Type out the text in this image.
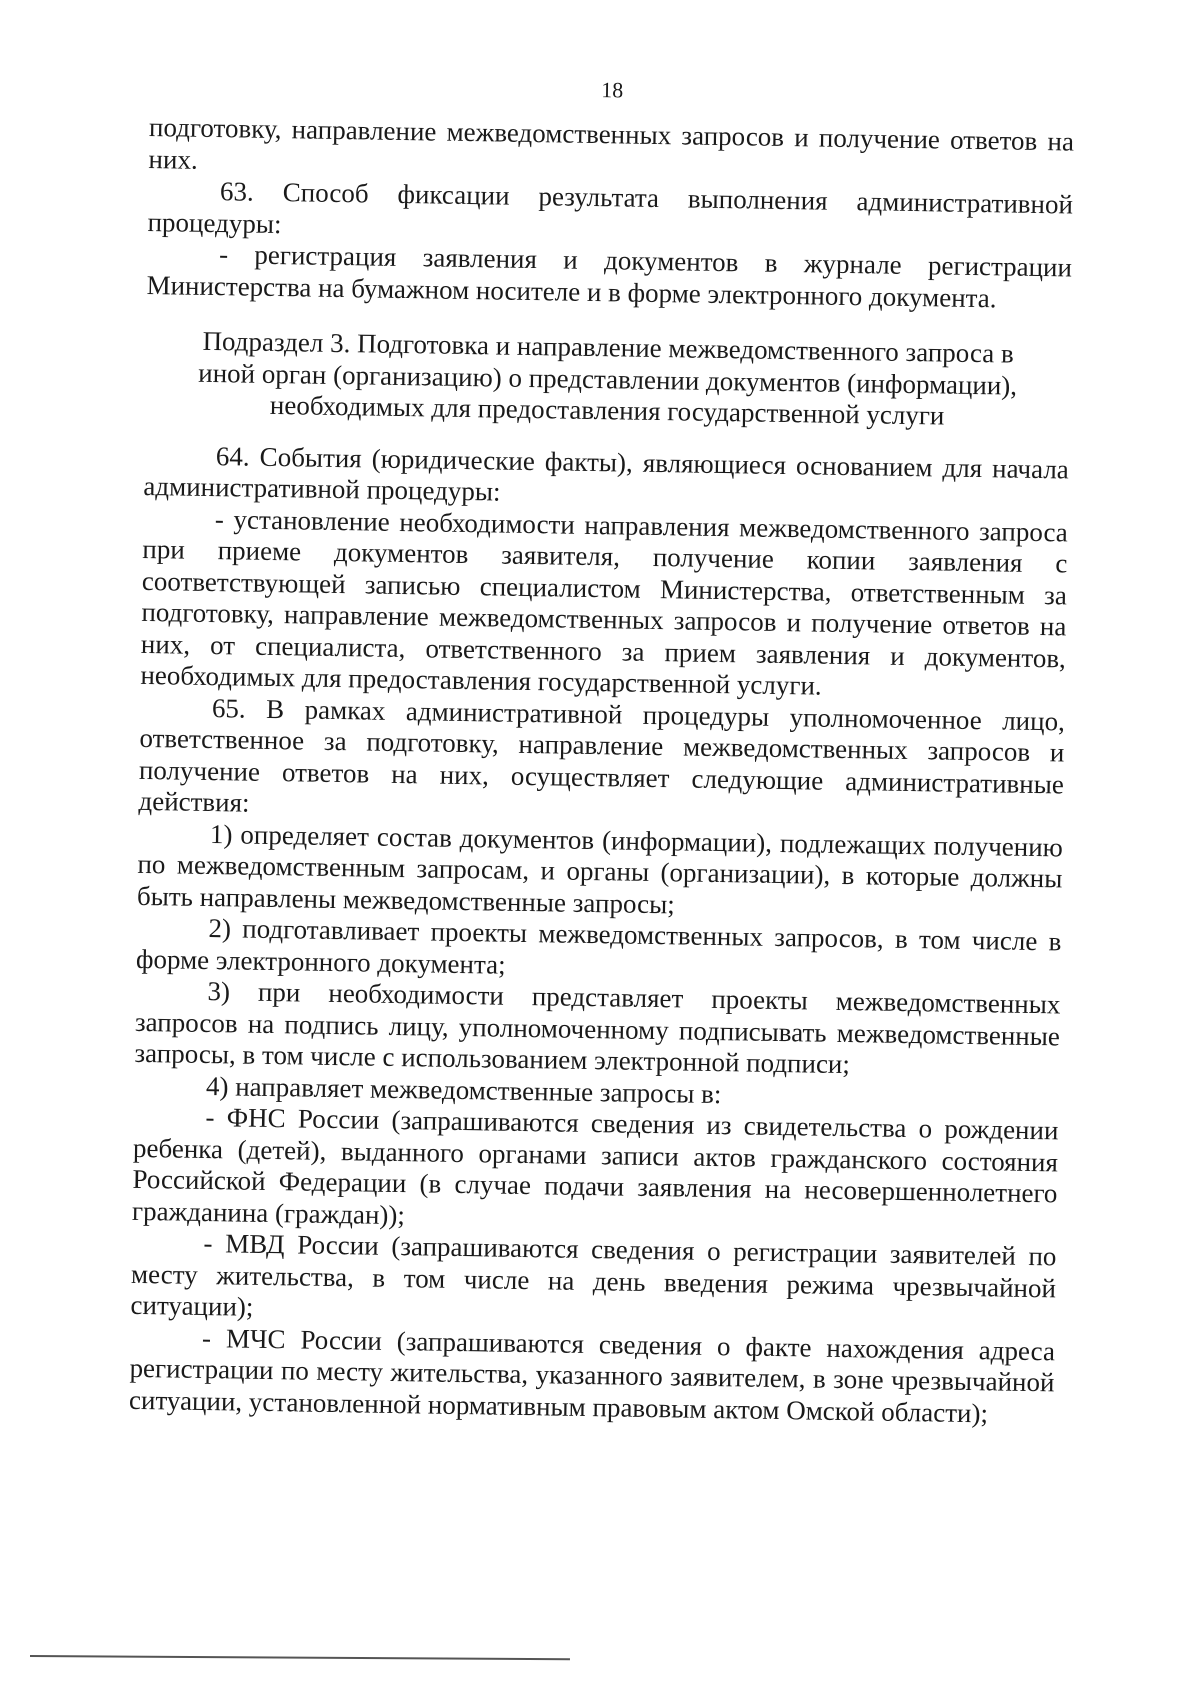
18

подготовку, направление межведомственных запросов и получение ответов на них.

63. Способ фиксации результата выполнения административной процедуры:

- регистрация заявления и документов в журнале регистрации Министерства на бумажном носителе и в форме электронного документа.

Подраздел 3. Подготовка и направление межведомственного запроса в иной орган (организацию) о представлении документов (информации), необходимых для предоставления государственной услуги

64. События (юридические факты), являющиеся основанием для начала административной процедуры:

- установление необходимости направления межведомственного запроса при приеме документов заявителя, получение копии заявления с соответствующей записью специалистом Министерства, ответственным за подготовку, направление межведомственных запросов и получение ответов на них, от специалиста, ответственного за прием заявления и документов, необходимых для предоставления государственной услуги.

65. В рамках административной процедуры уполномоченное лицо, ответственное за подготовку, направление межведомственных запросов и получение ответов на них, осуществляет следующие административные действия:

1) определяет состав документов (информации), подлежащих получению по межведомственным запросам, и органы (организации), в которые должны быть направлены межведомственные запросы;

2) подготавливает проекты межведомственных запросов, в том числе в форме электронного документа;

3) при необходимости представляет проекты межведомственных запросов на подпись лицу, уполномоченному подписывать межведомственные запросы, в том числе с использованием электронной подписи;

4) направляет межведомственные запросы в:

- ФНС России (запрашиваются сведения из свидетельства о рождении ребенка (детей), выданного органами записи актов гражданского состояния Российской Федерации (в случае подачи заявления на несовершеннолетнего гражданина (граждан));

- МВД России (запрашиваются сведения о регистрации заявителей по месту жительства, в том числе на день введения режима чрезвычайной ситуации);

- МЧС России (запрашиваются сведения о факте нахождения адреса регистрации по месту жительства, указанного заявителем, в зоне чрезвычайной ситуации, установленной нормативным правовым актом Омской области);
